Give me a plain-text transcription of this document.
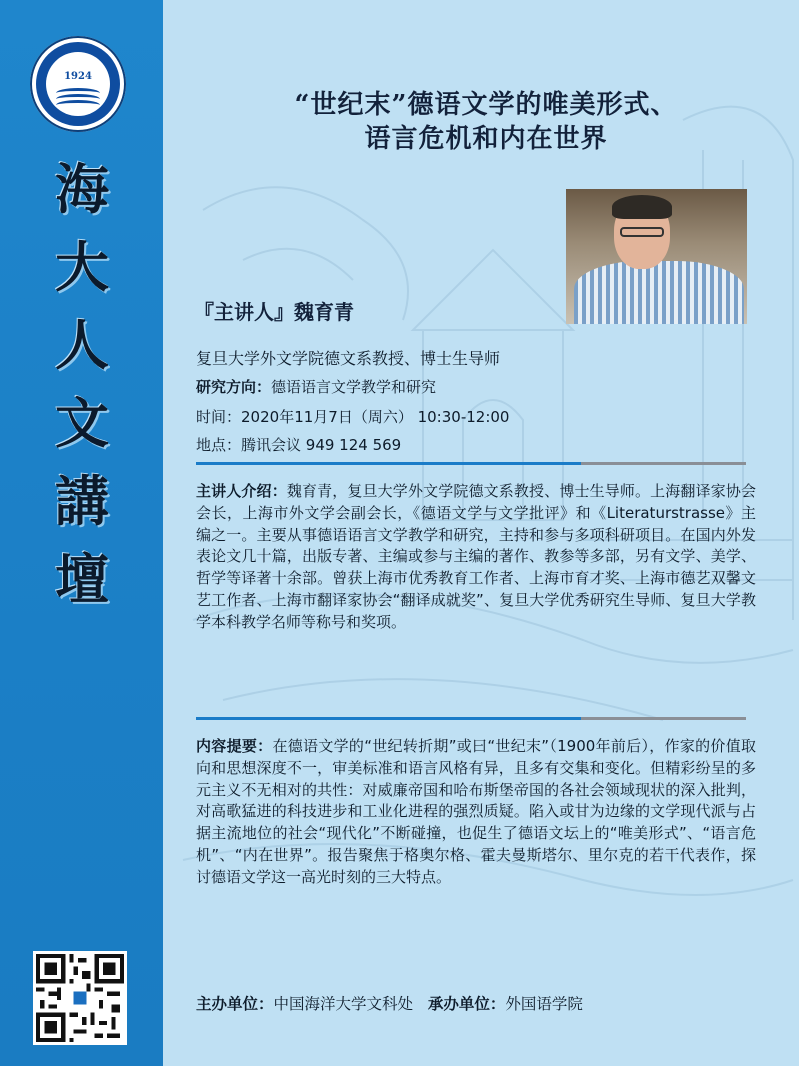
1924
海
大
人
文
講
壇
“世纪末”德语文学的唯美形式、
语言危机和内在世界
『主讲人』魏育青
复旦大学外文学院德文系教授、博士生导师
研究方向：德语语言文学教学和研究
时间：2020年11月7日（周六） 10:30-12:00
地点：腾讯会议 949 124 569
主讲人介绍：魏育青，复旦大学外文学院德文系教授、博士生导师。上海翻译家协会会长，上海市外文学会副会长，《德语文学与文学批评》和《Literaturstrasse》主编之一。主要从事德语语言文学教学和研究，主持和参与多项科研项目。在国内外发表论文几十篇，出版专著、主编或参与主编的著作、教参等多部，另有文学、美学、哲学等译著十余部。曾获上海市优秀教育工作者、上海市育才奖、上海市德艺双馨文艺工作者、上海市翻译家协会“翻译成就奖”、复旦大学优秀研究生导师、复旦大学教学本科教学名师等称号和奖项。
内容提要：在德语文学的“世纪转折期”或曰“世纪末”（1900年前后），作家的价值取向和思想深度不一，审美标准和语言风格有异，且多有交集和变化。但精彩纷呈的多元主义不无相对的共性：对威廉帝国和哈布斯堡帝国的各社会领域现状的深入批判，对高歌猛进的科技进步和工业化进程的强烈质疑。陷入或甘为边缘的文学现代派与占据主流地位的社会“现代化”不断碰撞，也促生了德语文坛上的“唯美形式”、“语言危机”、“内在世界”。报告聚焦于格奥尔格、霍夫曼斯塔尔、里尔克的若干代表作，探讨德语文学这一高光时刻的三大特点。
主办单位：中国海洋大学文科处 承办单位：外国语学院
